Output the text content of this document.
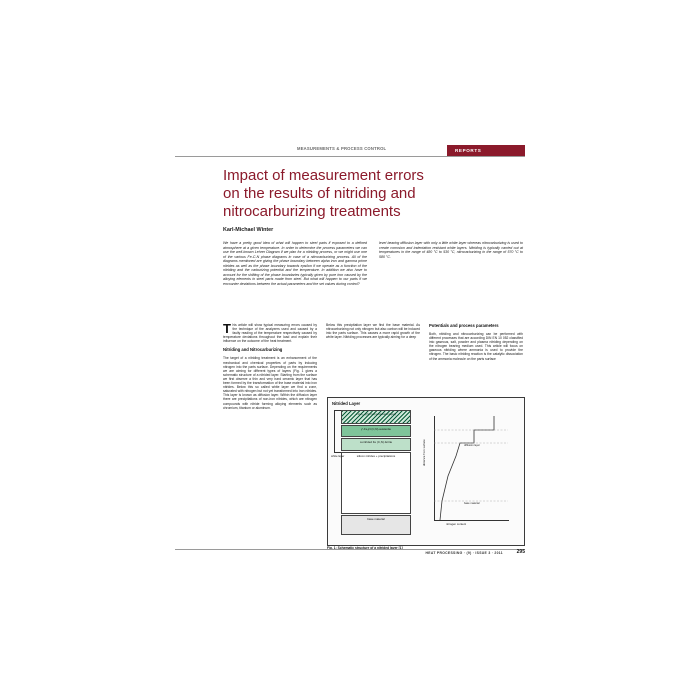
MEASUREMENTS & PROCESS CONTROL	REPORTS
Impact of measurement errors
on the results of nitriding and
nitrocarburizing treatments
Karl-Michael Winter
We have a pretty good idea of what will happen to steel parts if exposed to a defined atmosphere at a given temperature. In order to determine the process parameters we can use the well-known Lehrer Diagram if we plan for a nitriding process, or we might use one of the various Fe-C-N phase diagrams in case of a nitrocarburizing process. All of the diagrams mentioned are giving the phase boundary between alpha iron and gamma prime nitrides as well as the phase boundary towards epsilon if we operate as a function of the nitriding and the carburizing potential and the temperature. In addition we also have to account for the shifting of the phase boundaries typically given by pure iron caused by the alloying elements in steel parts made from steel. But what will happen to our parts if we encounter deviations between the actual parameters and the set values during control?
level bearing diffusion layer with only a little white layer whereas nitrocarburizing is used to create corrosion and indentation resistant white layers. Nitriding is typically carried out at temperatures in the range of 480 °C to 530 °C, nitrocarburizing in the range of 570 °C to 580 °C.

T his article will show typical measuring errors caused by the technique of the analyzers used and caused by a faulty reading of the temperature respectively caused by temperature deviations throughout the load and explain their influence on the outcome of the heat treatment.

Nitriding and Nitrocarburizing

The target of a nitriding treatment is an enhancement of the mechanical and chemical properties of parts by inducing nitrogen into the parts surface. Depending on the requirements we are aiming for different types of layers (Fig. 1 gives a schematic structure of a nitrided layer. Starting from the surface we first observe a thin and very hard ceramic layer that has been formed by the transformation of the base material into iron nitrides. Below this so called white layer we find a zone, saturated with nitrogen but not yet transformed into iron nitrides. This layer is known as diffusion layer. Within the diffusion layer there are precipitations of non-iron nitrides, which are nitrogen compounds with nitride forming alloying elements such as chromium, titanium or aluminum.

Below this precipitation layer we find the base material. As nitrocarburizing not only nitrogen but also carbon will be induced into the parts surface. This causes a more rapid growth of the white layer. Nitriding processes are typically aiming for a deep

Potentials and process parameters

Both, nitriding and nitrocarburizing can be performed with different processes that are according DIN EN 10 052 classified into gaseous, salt, powder and plasma nitriding depending on the nitrogen bearing medium used. This article will focus on gaseous nitriding where ammonia is used to provide the nitrogen. The basic nitriding reaction is the catalytic dissociation of the ammonia molecule on the parts surface

Nitrided Layer
ε-Fe₂₋₃(N,C) (compound layer)
γ′-Fe₄N (C,N)-austenite
α-nitrided Fe (C,N)-ferrite
silicon nitrides + precipitations
base material
white layer
nitrogen content
distance from surface	diffusion layer
base material
Fig. 1: Schematic structure of a nitrided layer [1]
HEAT PROCESSING · (9) · ISSUE 3 · 2011	295
